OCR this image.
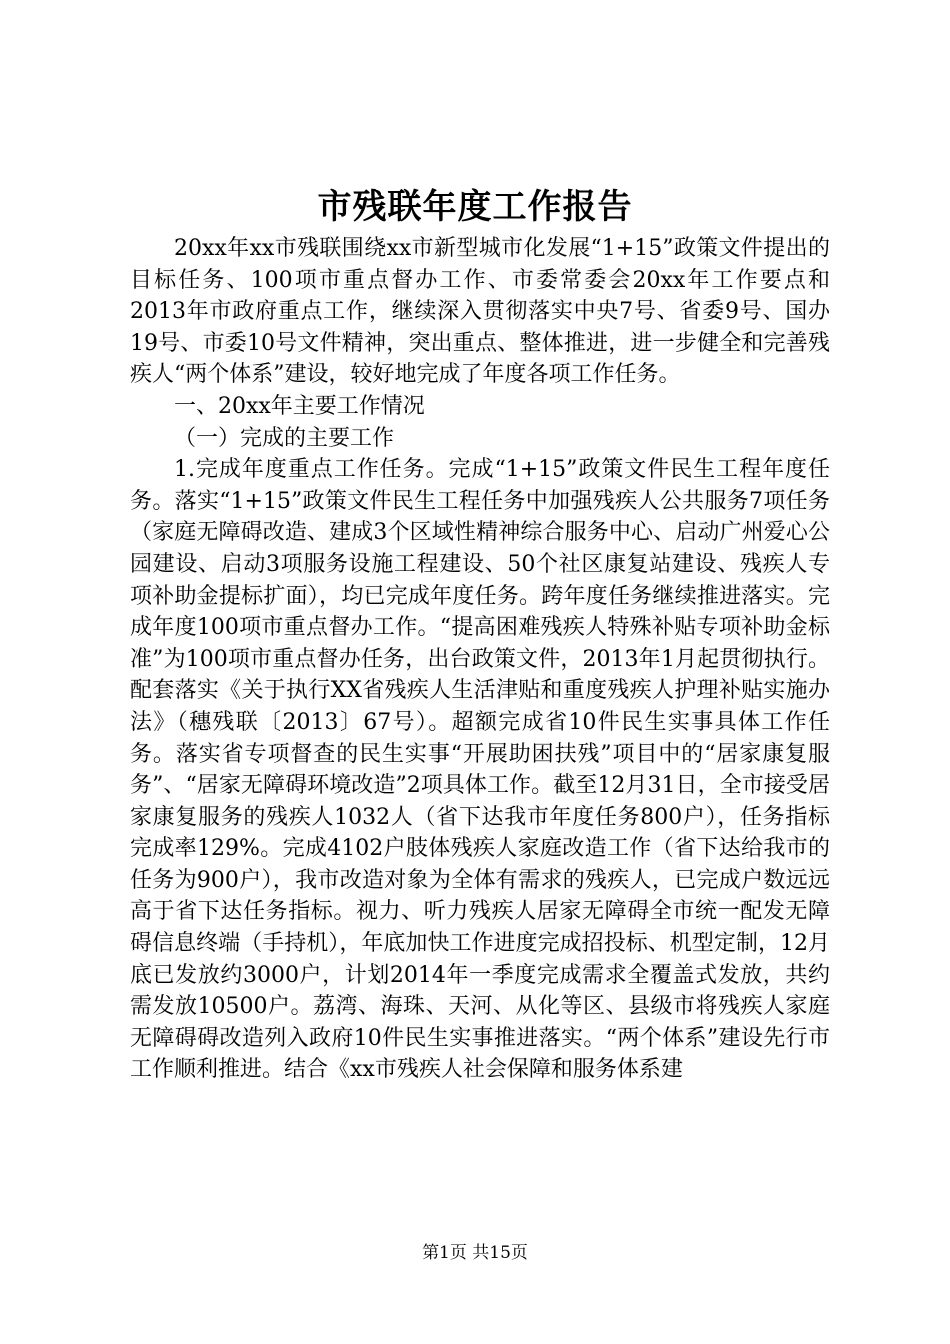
市残联年度工作报告

20xx年xx市残联围绕xx市新型城市化发展“1+15”政策文件提出的目标任务、100项市重点督办工作、市委常委会20xx年工作要点和2013年市政府重点工作，继续深入贯彻落实中央7号、省委9号、国办19号、市委10号文件精神，突出重点、整体推进，进一步健全和完善残疾人“两个体系”建设，较好地完成了年度各项工作任务。

一、20xx年主要工作情况

（一）完成的主要工作

1.完成年度重点工作任务。完成“1+15”政策文件民生工程年度任务。落实“1+15”政策文件民生工程任务中加强残疾人公共服务7项任务（家庭无障碍改造、建成3个区域性精神综合服务中心、启动广州爱心公园建设、启动3项服务设施工程建设、50个社区康复站建设、残疾人专项补助金提标扩面），均已完成年度任务。跨年度任务继续推进落实。完成年度100项市重点督办工作。“提高困难残疾人特殊补贴专项补助金标准”为100项市重点督办任务，出台政策文件，2013年1月起贯彻执行。配套落实《关于执行XX省残疾人生活津贴和重度残疾人护理补贴实施办法》（穗残联〔2013〕67号）。超额完成省10件民生实事具体工作任务。落实省专项督查的民生实事“开展助困扶残”项目中的“居家康复服务”、“居家无障碍环境改造”2项具体工作。截至12月31日，全市接受居家康复服务的残疾人1032人（省下达我市年度任务800户），任务指标完成率129%。完成4102户肢体残疾人家庭改造工作（省下达给我市的任务为900户），我市改造对象为全体有需求的残疾人，已完成户数远远高于省下达任务指标。视力、听力残疾人居家无障碍全市统一配发无障碍信息终端（手持机），年底加快工作进度完成招投标、机型定制，12月底已发放约3000户，计划2014年一季度完成需求全覆盖式发放，共约需发放10500户。荔湾、海珠、天河、从化等区、县级市将残疾人家庭无障碍碍改造列入政府10件民生实事推进落实。“两个体系”建设先行市工作顺利推进。结合《xx市残疾人社会保障和服务体系建

第1页 共15页
